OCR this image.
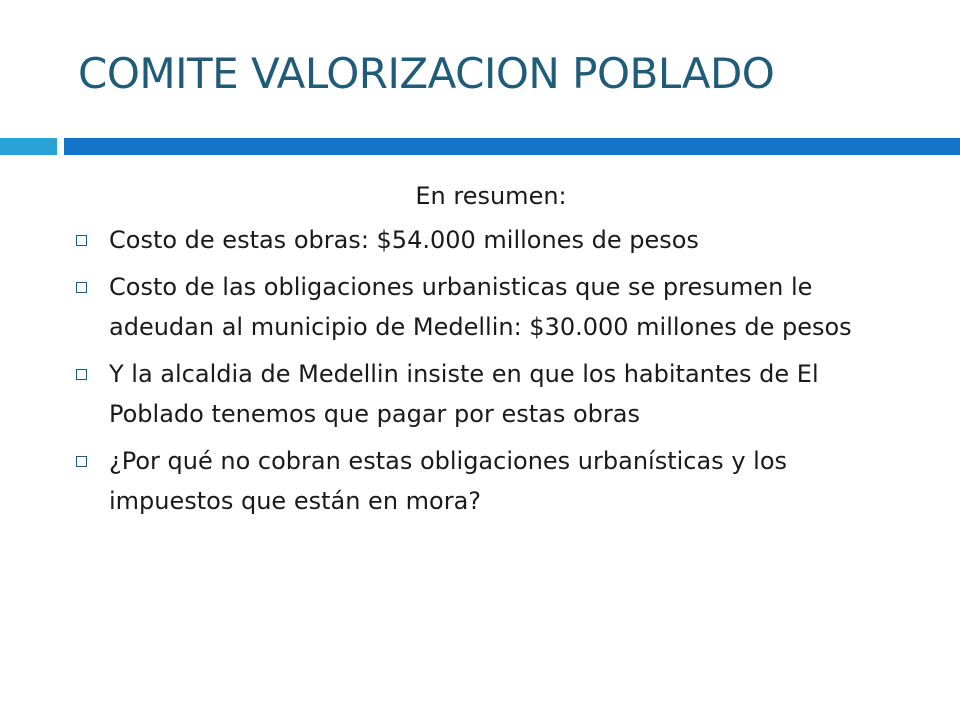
COMITE VALORIZACION POBLADO
En resumen:
Costo de estas obras: $54.000 millones de pesos
Costo de las obligaciones urbanisticas que se presumen le adeudan al municipio de Medellin: $30.000 millones de pesos
Y la alcaldia de Medellin insiste en que los habitantes de El Poblado tenemos que pagar por estas obras
¿Por qué no cobran estas obligaciones urbanísticas y los impuestos que están en mora?
